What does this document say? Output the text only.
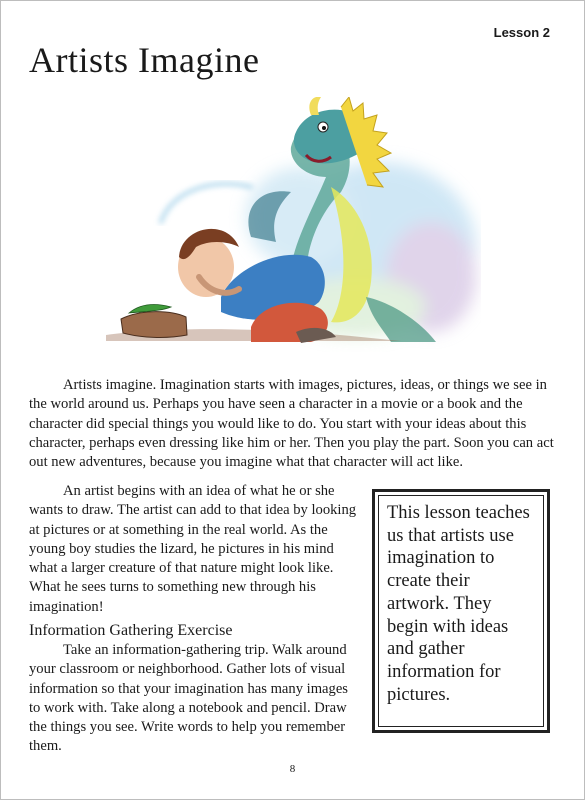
Lesson 2
Artists Imagine

Artists imagine. Imagination starts with images, pictures, ideas, or things we see in the world around us. Perhaps you have seen a character in a movie or a book and the character did special things you would like to do. You start with your ideas about this character, perhaps even dressing like him or her. Then you play the part. Soon you can act out new adventures, because you imagine what that character will act like.

An artist begins with an idea of what he or she wants to draw. The artist can add to that idea by looking at pictures or at something in the real world. As the young boy studies the lizard, he pictures in his mind what a larger creature of that nature might look like. What he sees turns to something new through his imagination!

Information Gathering Exercise

Take an information-gathering trip. Walk around your classroom or neighborhood. Gather lots of visual information so that your imagination has many images to work with. Take along a notebook and pencil. Draw the things you see. Write words to help you remember them.

This lesson teaches us that artists use imagination to create their artwork. They begin with ideas and gather information for pictures.

8
